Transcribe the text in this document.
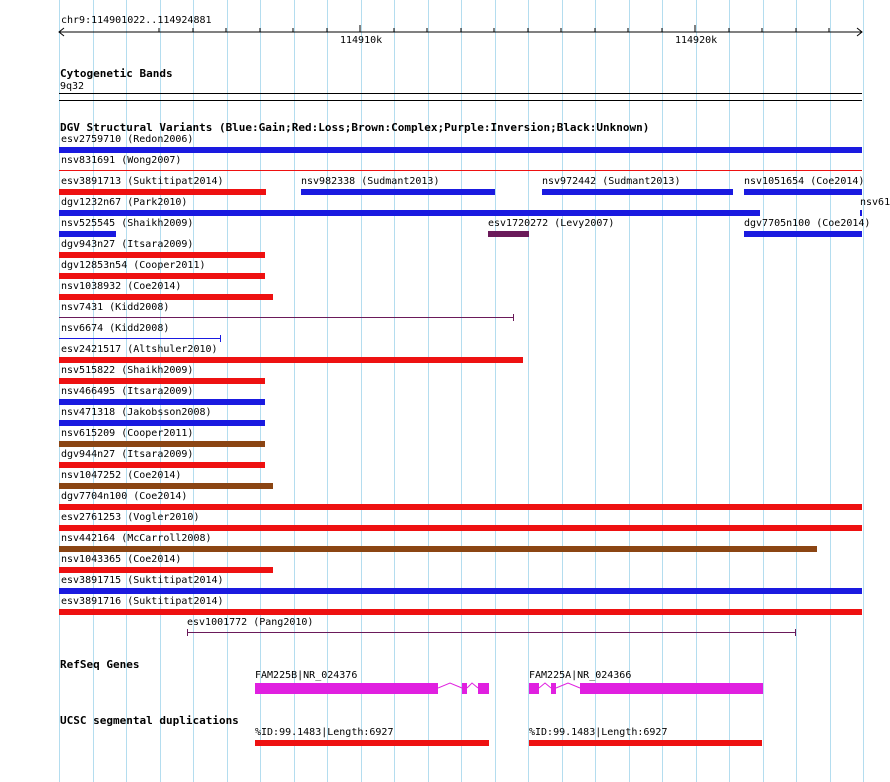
chr9:114901022..114924881
114910k	114920k
Cytogenetic Bands
9q32
DGV Structural Variants (Blue:Gain;Red:Loss;Brown:Complex;Purple:Inversion;Black:Unknown)
esv2759710 (Redon2006)
nsv831691 (Wong2007)
esv3891713 (Suktitipat2014)	nsv982338 (Sudmant2013)	nsv972442 (Sudmant2013)	nsv1051654 (Coe2014)
dgv1232n67 (Park2010)	nsv61
nsv525545 (Shaikh2009)	esv1720272 (Levy2007)	dgv7705n100 (Coe2014)
dgv943n27 (Itsara2009)
dgv12853n54 (Cooper2011)
nsv1038932 (Coe2014)
nsv7431 (Kidd2008)
nsv6674 (Kidd2008)
esv2421517 (Altshuler2010)
nsv515822 (Shaikh2009)
nsv466495 (Itsara2009)
nsv471318 (Jakobsson2008)
nsv615209 (Cooper2011)
dgv944n27 (Itsara2009)
nsv1047252 (Coe2014)
dgv7704n100 (Coe2014)
esv2761253 (Vogler2010)
nsv442164 (McCarroll2008)
nsv1043365 (Coe2014)
esv3891715 (Suktitipat2014)
esv3891716 (Suktitipat2014)
esv1001772 (Pang2010)
RefSeq Genes
FAM225B|NR_024376	FAM225A|NR_024366
UCSC segmental duplications
%ID:99.1483|Length:6927	%ID:99.1483|Length:6927
